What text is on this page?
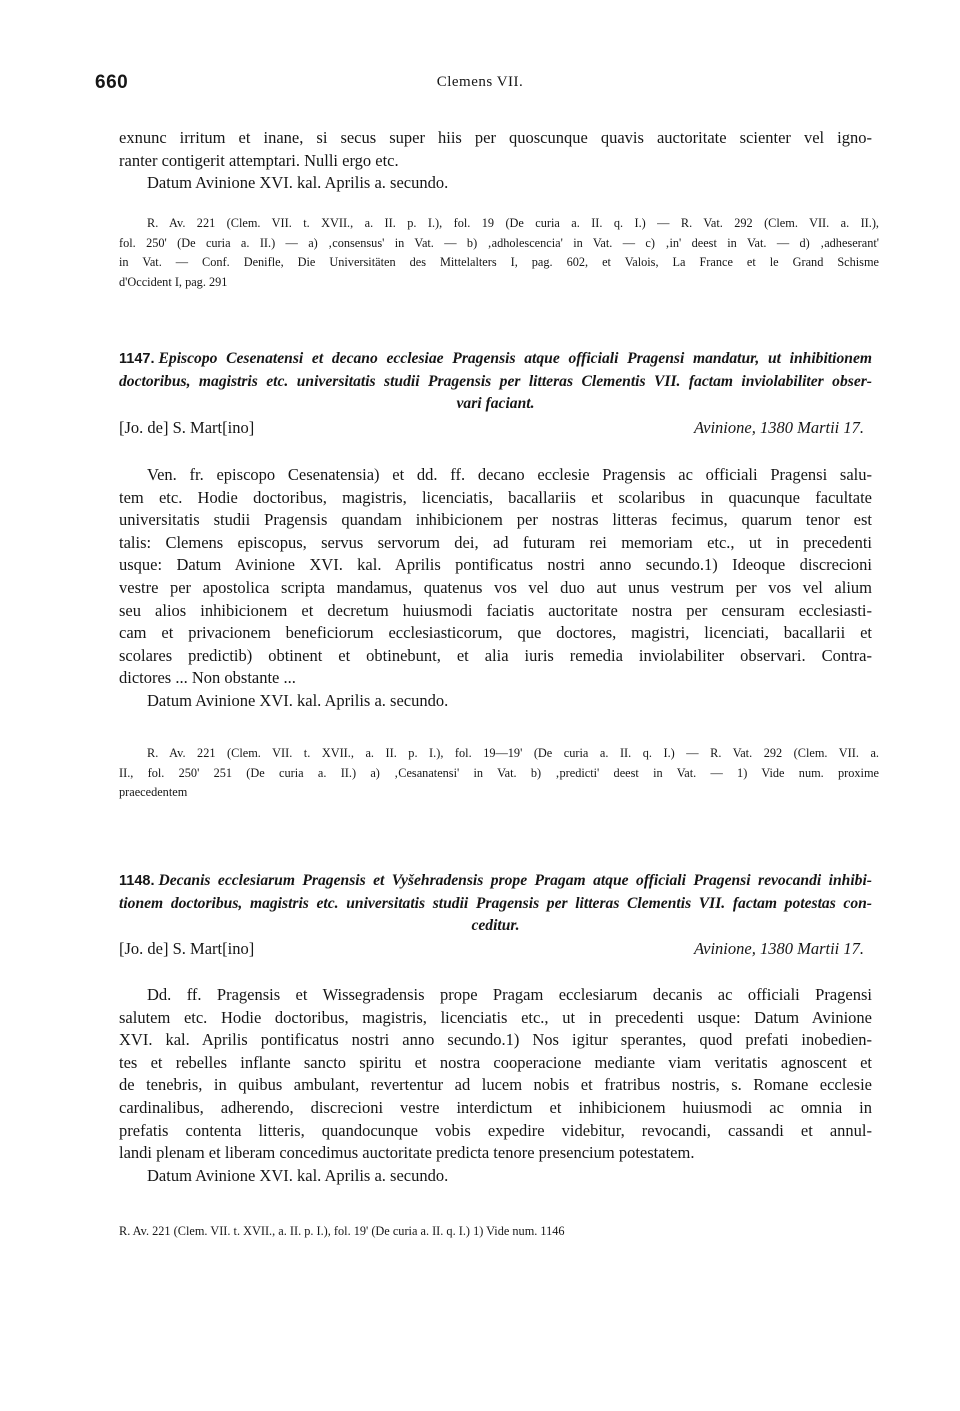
660	Clemens VII.
exnunc irritum et inane, si secus super hiis per quoscunque quavis auctoritate scienter vel igno-
ranter contigerit attemptari. Nulli ergo etc.
Datum Avinione XVI. kal. Aprilis a. secundo.
R. Av. 221 (Clem. VII. t. XVII., a. II. p. I.), fol. 19 (De curia a. II. q. I.) — R. Vat. 292 (Clem. VII. a. II.),
fol. 250' (De curia a. II.) — a) ‚consensus' in Vat. — b) ‚adholescencia' in Vat. — c) ‚in' deest in Vat. — d) ‚adheserant'
in Vat. — Conf. Denifle, Die Universitäten des Mittelalters I, pag. 602, et Valois, La France et le Grand Schisme
d'Occident I, pag. 291
1147. Episcopo Cesenatensi et decano ecclesiae Pragensis atque officiali Pragensi mandatur, ut inhibitionem
doctoribus, magistris etc. universitatis studii Pragensis per litteras Clementis VII. factam inviolabiliter obser-
vari faciant.
[Jo. de] S. Mart[ino]	Avinione, 1380 Martii 17.
Ven. fr. episcopo Cesenatensia) et dd. ff. decano ecclesie Pragensis ac officiali Pragensi salu-
tem etc. Hodie doctoribus, magistris, licenciatis, bacallariis et scolaribus in quacunque facultate
universitatis studii Pragensis quandam inhibicionem per nostras litteras fecimus, quarum tenor est
talis: Clemens episcopus, servus servorum dei, ad futuram rei memoriam etc., ut in precedenti
usque: Datum Avinione XVI. kal. Aprilis pontificatus nostri anno secundo.1) Ideoque discrecioni
vestre per apostolica scripta mandamus, quatenus vos vel duo aut unus vestrum per vos vel alium
seu alios inhibicionem et decretum huiusmodi faciatis auctoritate nostra per censuram ecclesiasti-
cam et privacionem beneficiorum ecclesiasticorum, que doctores, magistri, licenciati, bacallarii et
scolares predictib) obtinent et obtinebunt, et alia iuris remedia inviolabiliter observari. Contra-
dictores ... Non obstante ...
Datum Avinione XVI. kal. Aprilis a. secundo.
R. Av. 221 (Clem. VII. t. XVII., a. II. p. I.), fol. 19—19' (De curia a. II. q. I.) — R. Vat. 292 (Clem. VII. a.
II., fol. 250' 251 (De curia a. II.) a) ‚Cesanatensi' in Vat. b) ‚predicti' deest in Vat. — 1) Vide num. proxime
praecedentem
1148. Decanis ecclesiarum Pragensis et Vyšehradensis prope Pragam atque officiali Pragensi revocandi inhibi-
tionem doctoribus, magistris etc. universitatis studii Pragensis per litteras Clementis VII. factam potestas con-
ceditur.
[Jo. de] S. Mart[ino]	Avinione, 1380 Martii 17.
Dd. ff. Pragensis et Wissegradensis prope Pragam ecclesiarum decanis ac officiali Pragensi
salutem etc. Hodie doctoribus, magistris, licenciatis etc., ut in precedenti usque: Datum Avinione
XVI. kal. Aprilis pontificatus nostri anno secundo.1) Nos igitur sperantes, quod prefati inobedien-
tes et rebelles inflante sancto spiritu et nostra cooperacione mediante viam veritatis agnoscent et
de tenebris, in quibus ambulant, revertentur ad lucem nobis et fratribus nostris, s. Romane ecclesie
cardinalibus, adherendo, discrecioni vestre interdictum et inhibicionem huiusmodi ac omnia in
prefatis contenta litteris, quandocunque vobis expedire videbitur, revocandi, cassandi et annul-
landi plenam et liberam concedimus auctoritate predicta tenore presencium potestatem.
Datum Avinione XVI. kal. Aprilis a. secundo.
R. Av. 221 (Clem. VII. t. XVII., a. II. p. I.), fol. 19' (De curia a. II. q. I.) 1) Vide num. 1146
